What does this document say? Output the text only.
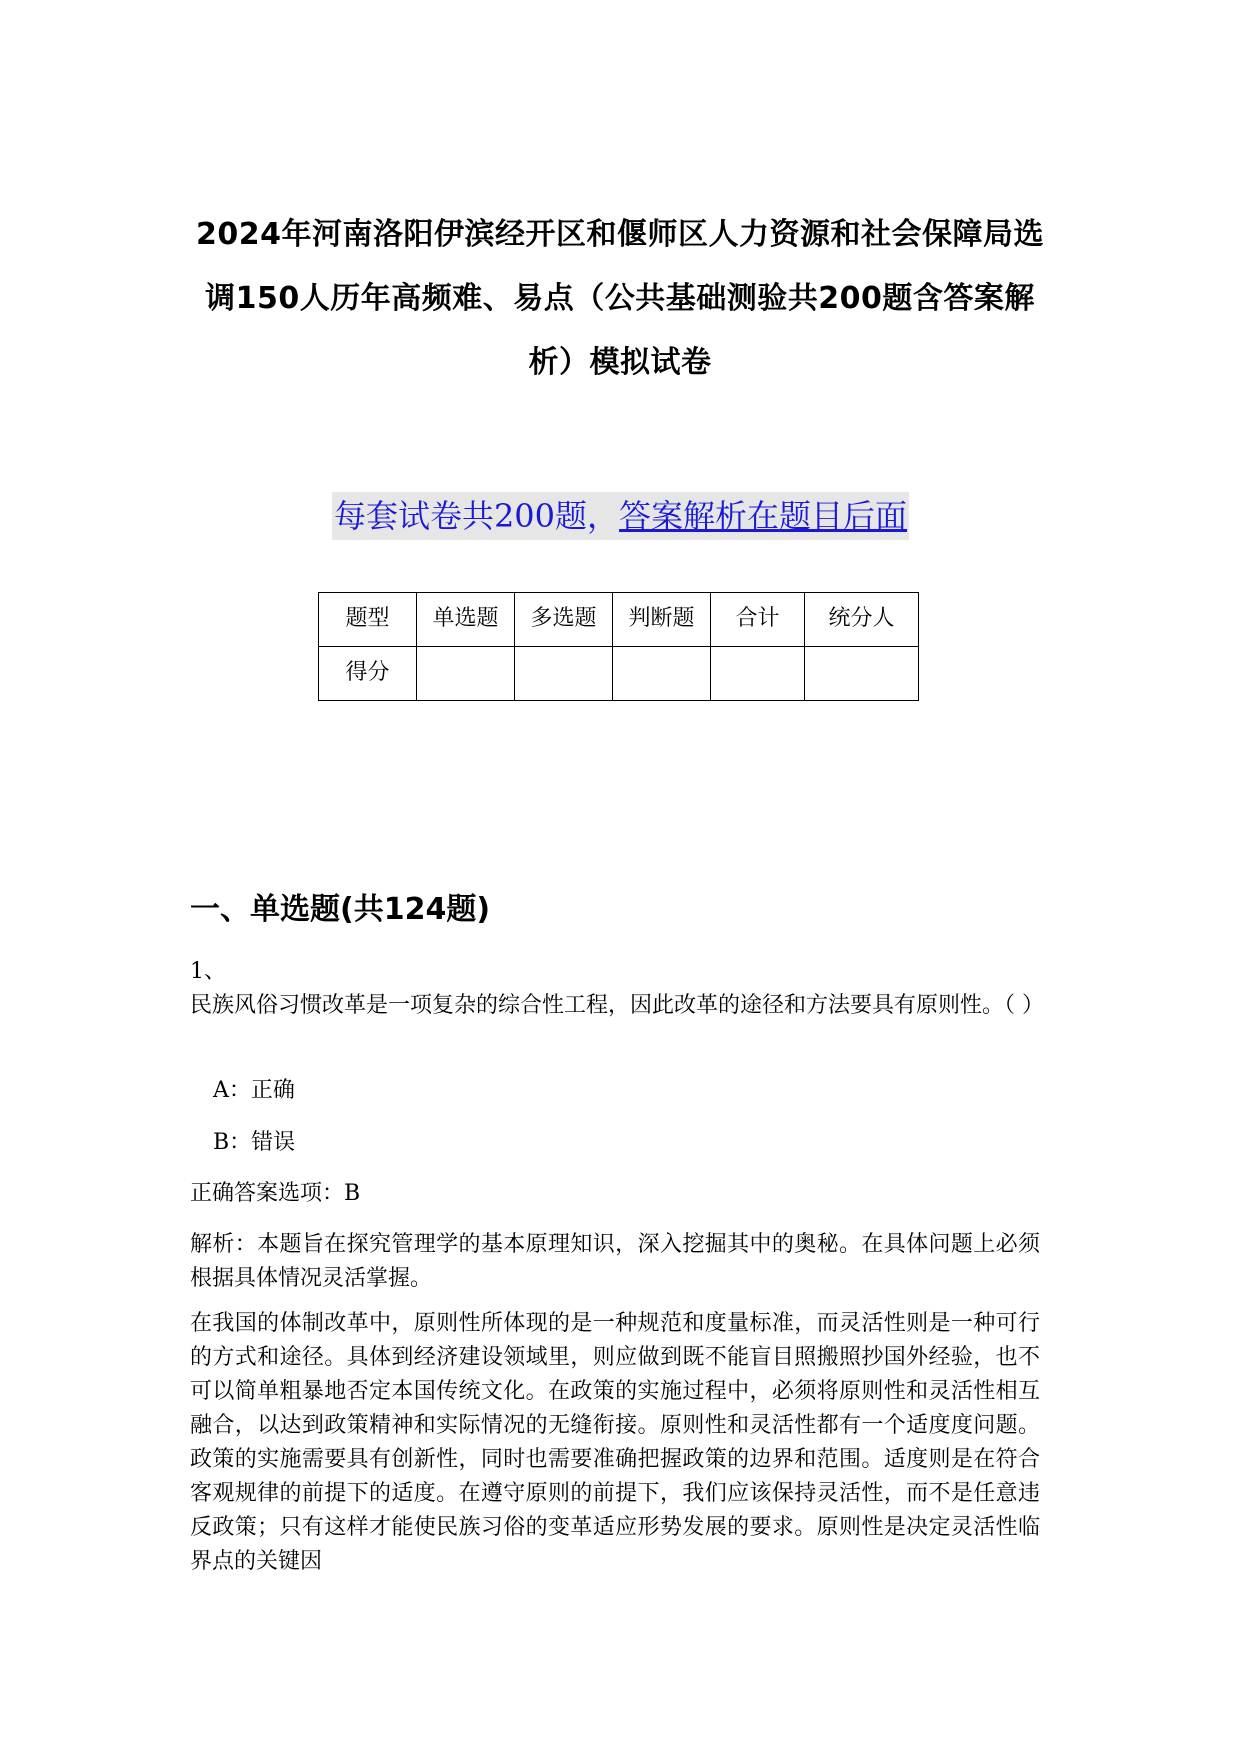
2024年河南洛阳伊滨经开区和偃师区人力资源和社会保障局选调150人历年高频难、易点（公共基础测验共200题含答案解析）模拟试卷
每套试卷共200题，答案解析在题目后面
题型	单选题	多选题	判断题	合计	统分人
得分					
一、单选题(共124题)
1、
民族风俗习惯改革是一项复杂的综合性工程，因此改革的途径和方法要具有原则性。（ ）
A：正确
B：错误
正确答案选项：B
解析：本题旨在探究管理学的基本原理知识，深入挖掘其中的奥秘。在具体问题上必须根据具体情况灵活掌握。
在我国的体制改革中，原则性所体现的是一种规范和度量标准，而灵活性则是一种可行的方式和途径。具体到经济建设领域里，则应做到既不能盲目照搬照抄国外经验，也不可以简单粗暴地否定本国传统文化。在政策的实施过程中，必须将原则性和灵活性相互融合，以达到政策精神和实际情况的无缝衔接。原则性和灵活性都有一个适度度问题。政策的实施需要具有创新性，同时也需要准确把握政策的边界和范围。适度则是在符合客观规律的前提下的适度。在遵守原则的前提下，我们应该保持灵活性，而不是任意违反政策；只有这样才能使民族习俗的变革适应形势发展的要求。原则性是决定灵活性临界点的关键因
